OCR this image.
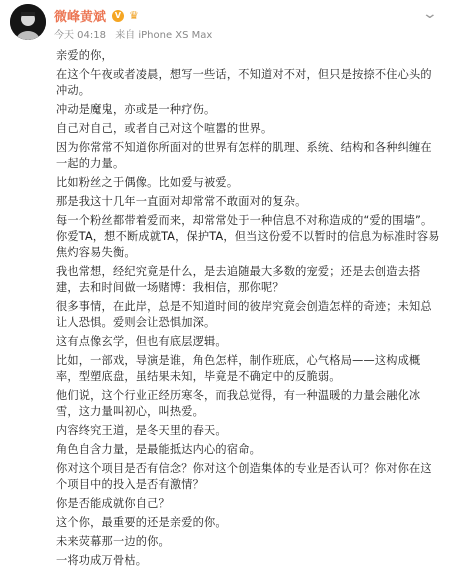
微峰黄斌	V ♛
今天 04:18 来自 iPhone XS Max
⌄

亲爱的你，

在这个午夜或者凌晨，想写一些话，不知道对不对，但只是按捺不住心头的冲动。

冲动是魔鬼，亦或是一种疗伤。

自己对自己，或者自己对这个喧嚣的世界。

因为你常常不知道你所面对的世界有怎样的肌理、系统、结构和各种纠缠在一起的力量。

比如粉丝之于偶像。比如爱与被爱。

那是我这十几年一直面对却常常不敢面对的复杂。

每一个粉丝都带着爱而来，却常常处于一种信息不对称造成的“爱的围墙”。你爱TA，想不断成就TA，保护TA，但当这份爱不以暂时的信息为标准时容易焦灼容易失衡。

我也常想，经纪究竟是什么，是去追随最大多数的宠爱；还是去创造去搭建，去和时间做一场赌博：我相信，那你呢？

很多事情，在此岸，总是不知道时间的彼岸究竟会创造怎样的奇迹；未知总让人恐惧。爱则会让恐惧加深。

这有点像玄学，但也有底层逻辑。

比如，一部戏，导演是谁，角色怎样，制作班底，心气格局——这构成概率，型塑底盘，虽结果未知，毕竟是不确定中的反脆弱。

他们说，这个行业正经历寒冬，而我总觉得，有一种温暖的力量会融化冰雪，这力量叫初心，叫热爱。

内容终究王道，是冬天里的春天。

角色自含力量，是最能抵达内心的宿命。

你对这个项目是否有信念？你对这个创造集体的专业是否认可？你对你在这个项目中的投入是否有激情？

你是否能成就你自己？

这个你，最重要的还是亲爱的你。

未来荧幕那一边的你。

一将功成万骨枯。
